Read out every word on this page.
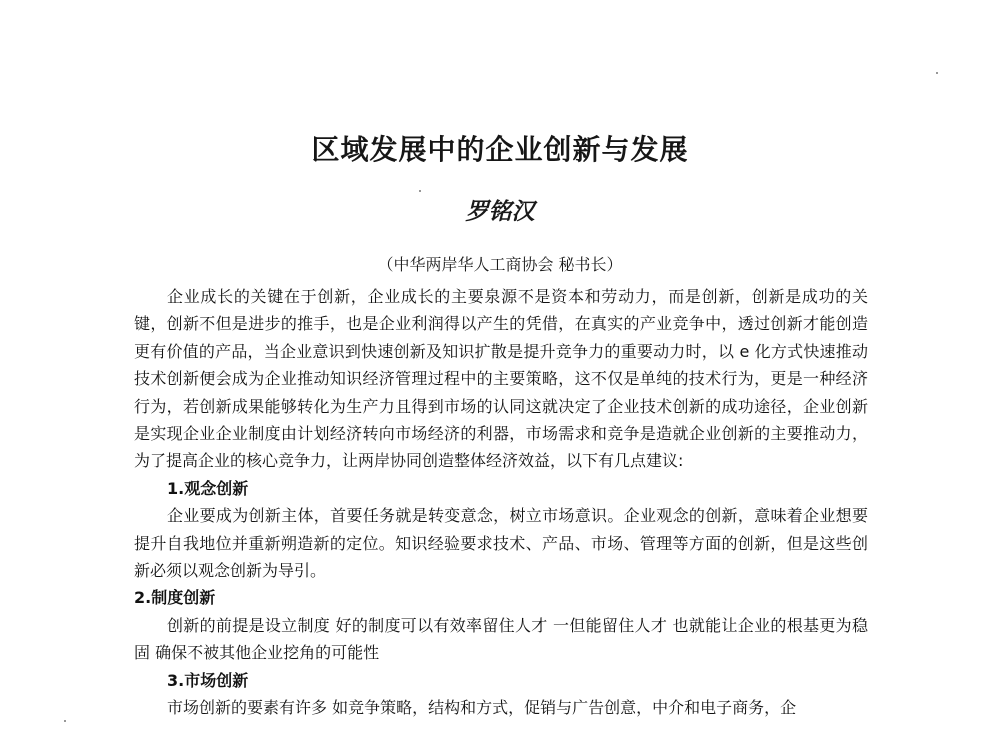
区域发展中的企业创新与发展
罗铭汉
（中华两岸华人工商协会 秘书长）

企业成长的关键在于创新，企业成长的主要泉源不是资本和劳动力，而是创新，创新是成功的关键，创新不但是进步的推手，也是企业利润得以产生的凭借，在真实的产业竞争中，透过创新才能创造更有价值的产品，当企业意识到快速创新及知识扩散是提升竞争力的重要动力时，以 e 化方式快速推动技术创新便会成为企业推动知识经济管理过程中的主要策略，这不仅是单纯的技术行为，更是一种经济行为，若创新成果能够转化为生产力且得到市场的认同这就决定了企业技术创新的成功途径，企业创新是实现企业企业制度由计划经济转向市场经济的利器，市场需求和竞争是造就企业创新的主要推动力，为了提高企业的核心竞争力，让两岸协同创造整体经济效益，以下有几点建议:

1.观念创新

企业要成为创新主体，首要任务就是转变意念，树立市场意识。企业观念的创新，意味着企业想要提升自我地位并重新朔造新的定位。知识经验要求技术、产品、市场、管理等方面的创新，但是这些创新必须以观念创新为导引。

2.制度创新

创新的前提是设立制度 好的制度可以有效率留住人才 一但能留住人才 也就能让企业的根基更为稳固 确保不被其他企业挖角的可能性

3.市场创新

市场创新的要素有许多 如竞争策略，结构和方式，促销与广告创意，中介和电子商务，企
